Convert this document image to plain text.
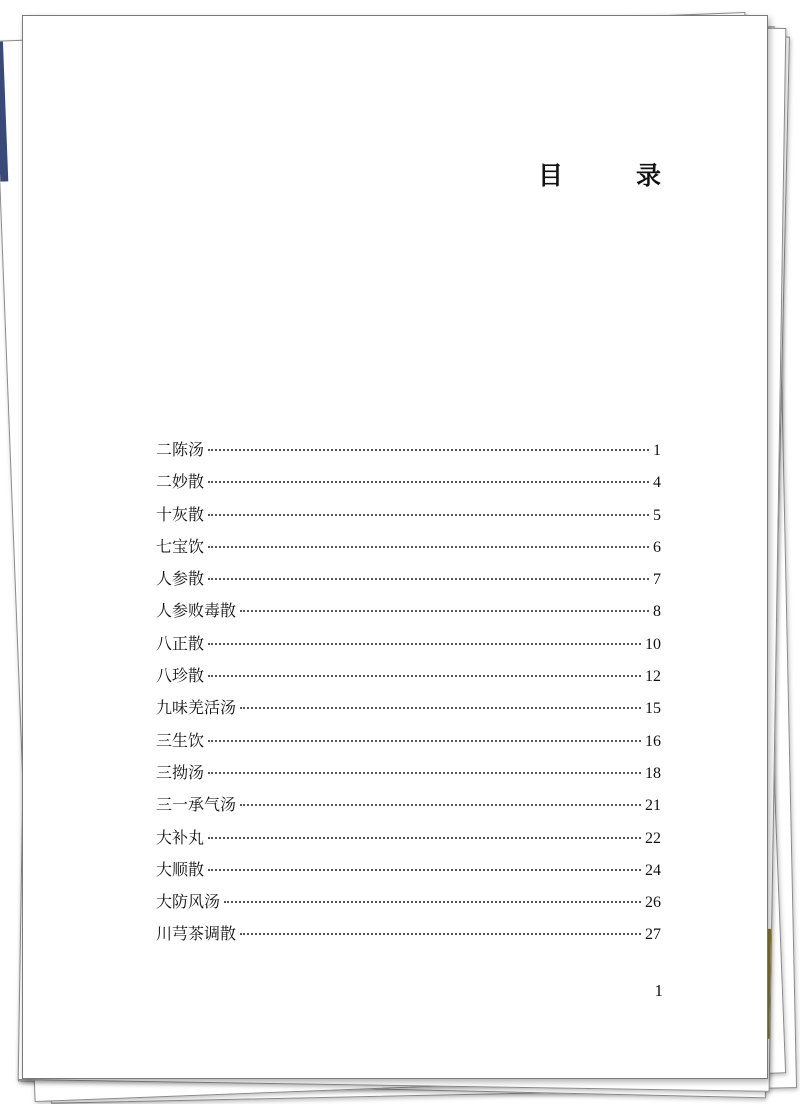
目　录
二陈汤	1
二妙散	4
十灰散	5
七宝饮	6
人参散	7
人参败毒散	8
八正散	10
八珍散	12
九味羌活汤	15
三生饮	16
三拗汤	18
三一承气汤	21
大补丸	22
大顺散	24
大防风汤	26
川芎茶调散	27
1
